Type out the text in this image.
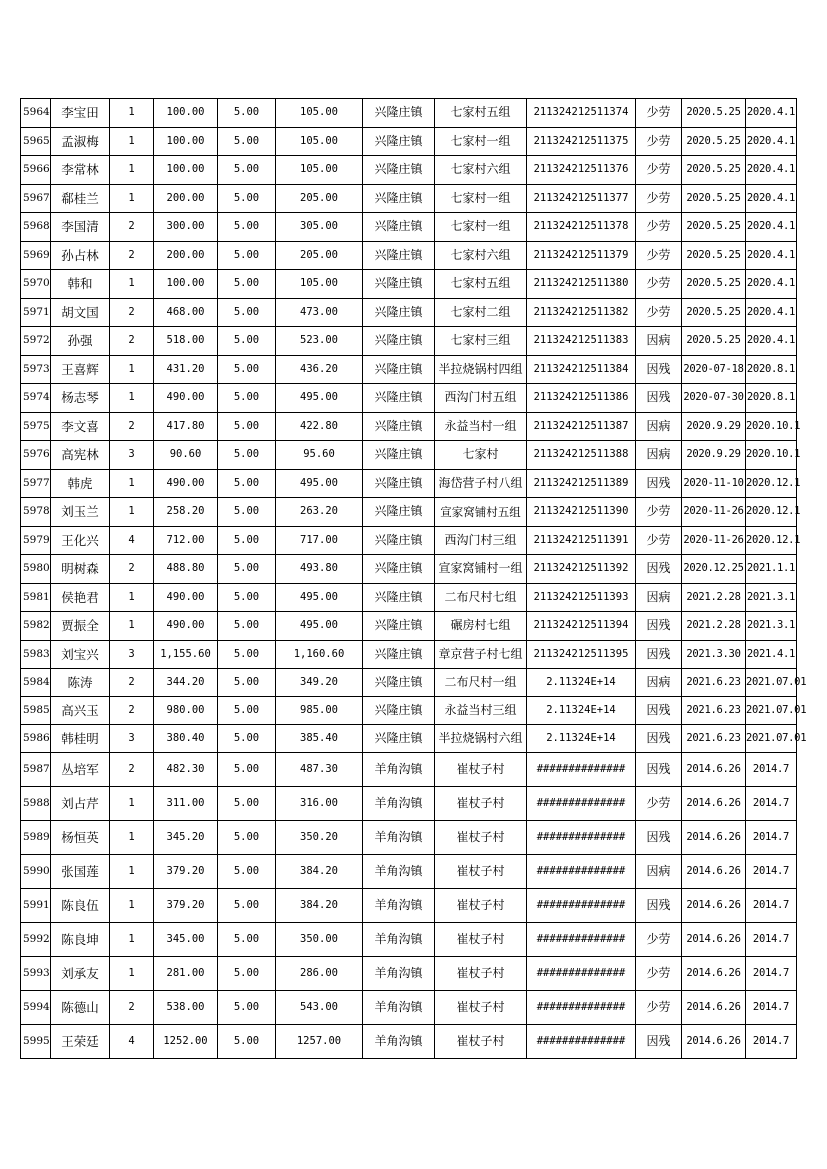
5964	李宝田	1	100.00	5.00	105.00	兴隆庄镇	七家村五组	211324212511374	少劳	2020.5.25	2020.4.1
5965	孟淑梅	1	100.00	5.00	105.00	兴隆庄镇	七家村一组	211324212511375	少劳	2020.5.25	2020.4.1
5966	李常林	1	100.00	5.00	105.00	兴隆庄镇	七家村六组	211324212511376	少劳	2020.5.25	2020.4.1
5967	郗桂兰	1	200.00	5.00	205.00	兴隆庄镇	七家村一组	211324212511377	少劳	2020.5.25	2020.4.1
5968	李国清	2	300.00	5.00	305.00	兴隆庄镇	七家村一组	211324212511378	少劳	2020.5.25	2020.4.1
5969	孙占林	2	200.00	5.00	205.00	兴隆庄镇	七家村六组	211324212511379	少劳	2020.5.25	2020.4.1
5970	韩和	1	100.00	5.00	105.00	兴隆庄镇	七家村五组	211324212511380	少劳	2020.5.25	2020.4.1
5971	胡文国	2	468.00	5.00	473.00	兴隆庄镇	七家村二组	211324212511382	少劳	2020.5.25	2020.4.1
5972	孙强	2	518.00	5.00	523.00	兴隆庄镇	七家村三组	211324212511383	因病	2020.5.25	2020.4.1
5973	王喜辉	1	431.20	5.00	436.20	兴隆庄镇	半拉烧锅村四组	211324212511384	因残	2020-07-18	2020.8.1
5974	杨志琴	1	490.00	5.00	495.00	兴隆庄镇	西沟门村五组	211324212511386	因残	2020-07-30	2020.8.1
5975	李文喜	2	417.80	5.00	422.80	兴隆庄镇	永益当村一组	211324212511387	因病	2020.9.29	2020.10.1
5976	高宪林	3	90.60	5.00	95.60	兴隆庄镇	七家村	211324212511388	因病	2020.9.29	2020.10.1
5977	韩虎	1	490.00	5.00	495.00	兴隆庄镇	海岱营子村八组	211324212511389	因残	2020-11-10	2020.12.1
5978	刘玉兰	1	258.20	5.00	263.20	兴隆庄镇	宣家窝铺村五组	211324212511390	少劳	2020-11-26	2020.12.1
5979	王化兴	4	712.00	5.00	717.00	兴隆庄镇	西沟门村三组	211324212511391	少劳	2020-11-26	2020.12.1
5980	明树森	2	488.80	5.00	493.80	兴隆庄镇	宣家窝铺村一组	211324212511392	因残	2020.12.25	2021.1.1
5981	侯艳君	1	490.00	5.00	495.00	兴隆庄镇	二布尺村七组	211324212511393	因病	2021.2.28	2021.3.1
5982	贾振全	1	490.00	5.00	495.00	兴隆庄镇	碾房村七组	211324212511394	因残	2021.2.28	2021.3.1
5983	刘宝兴	3	1,155.60	5.00	1,160.60	兴隆庄镇	章京营子村七组	211324212511395	因残	2021.3.30	2021.4.1
5984	陈涛	2	344.20	5.00	349.20	兴隆庄镇	二布尺村一组	2.11324E+14	因病	2021.6.23	2021.07.01
5985	高兴玉	2	980.00	5.00	985.00	兴隆庄镇	永益当村三组	2.11324E+14	因残	2021.6.23	2021.07.01
5986	韩桂明	3	380.40	5.00	385.40	兴隆庄镇	半拉烧锅村六组	2.11324E+14	因残	2021.6.23	2021.07.01
5987	丛培军	2	482.30	5.00	487.30	羊角沟镇	崔杖子村	##############	因残	2014.6.26	2014.7
5988	刘占芹	1	311.00	5.00	316.00	羊角沟镇	崔杖子村	##############	少劳	2014.6.26	2014.7
5989	杨恒英	1	345.20	5.00	350.20	羊角沟镇	崔杖子村	##############	因残	2014.6.26	2014.7
5990	张国莲	1	379.20	5.00	384.20	羊角沟镇	崔杖子村	##############	因病	2014.6.26	2014.7
5991	陈良伍	1	379.20	5.00	384.20	羊角沟镇	崔杖子村	##############	因残	2014.6.26	2014.7
5992	陈良坤	1	345.00	5.00	350.00	羊角沟镇	崔杖子村	##############	少劳	2014.6.26	2014.7
5993	刘承友	1	281.00	5.00	286.00	羊角沟镇	崔杖子村	##############	少劳	2014.6.26	2014.7
5994	陈德山	2	538.00	5.00	543.00	羊角沟镇	崔杖子村	##############	少劳	2014.6.26	2014.7
5995	王荣廷	4	1252.00	5.00	1257.00	羊角沟镇	崔杖子村	##############	因残	2014.6.26	2014.7
